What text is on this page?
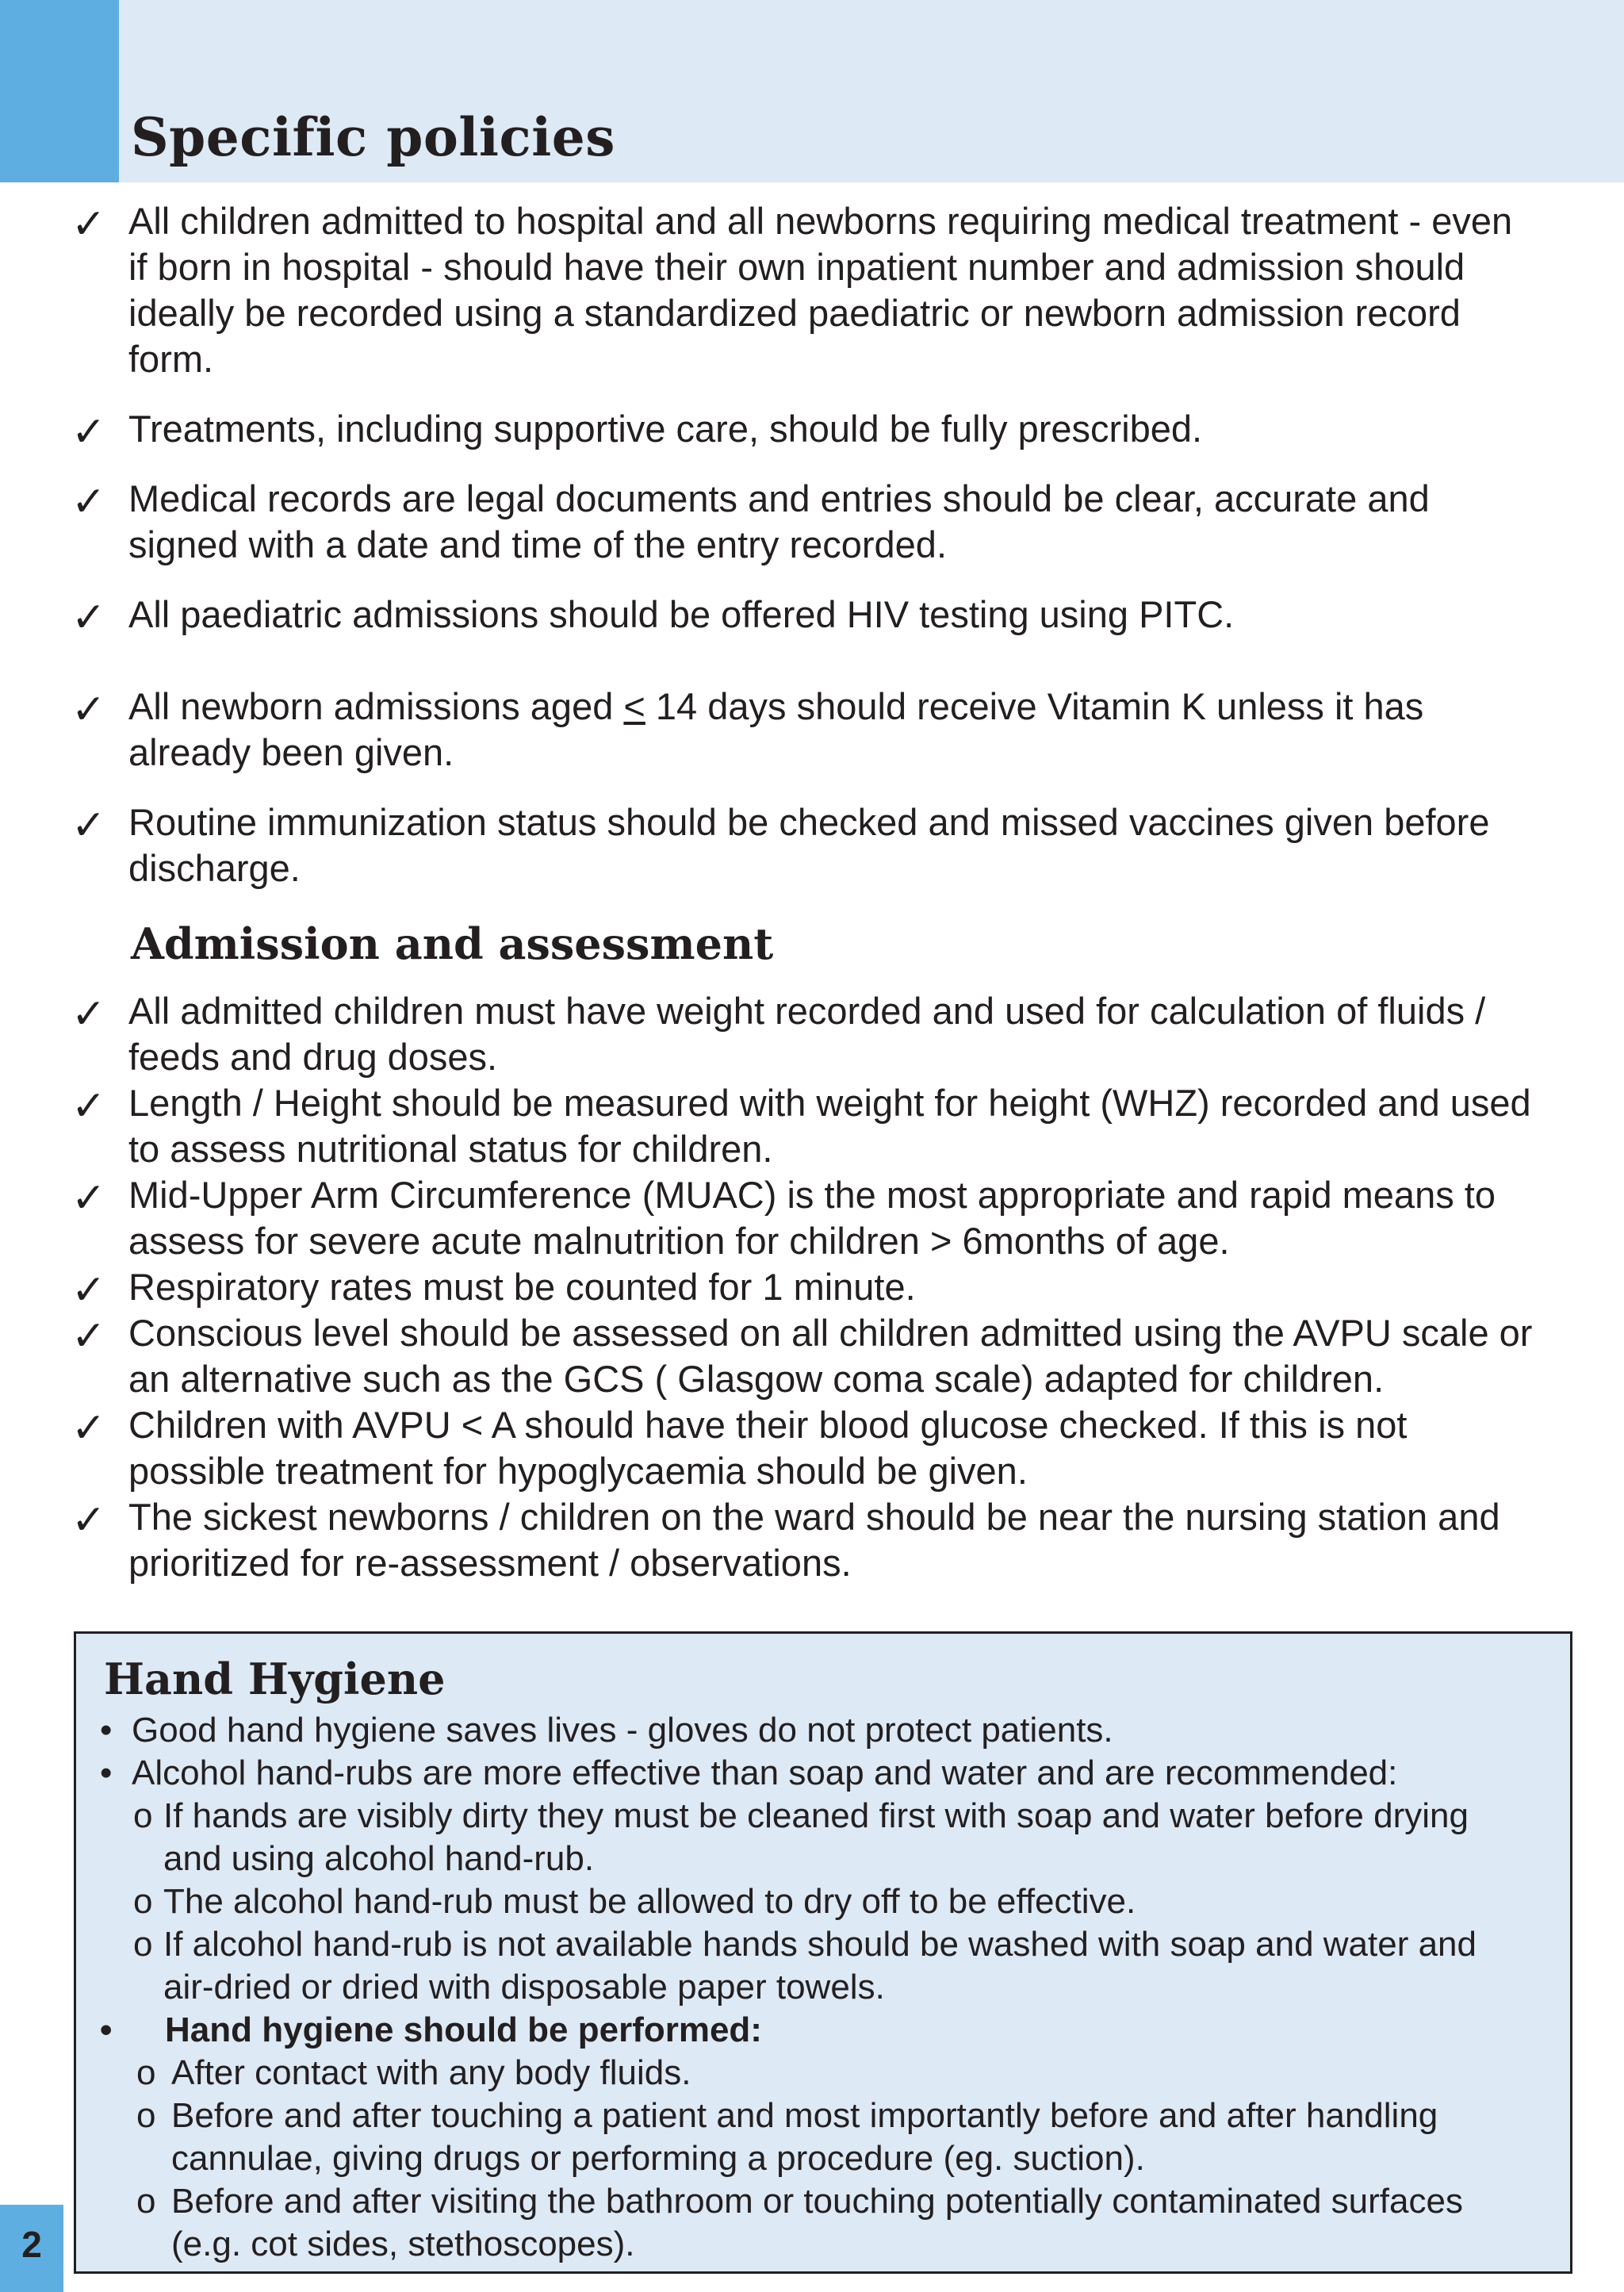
Specific policies
✓ All children admitted to hospital and all newborns requiring medical treatment - even if born in hospital - should have their own inpatient number and admission should ideally be recorded using a standardized paediatric or newborn admission record form.
✓ Treatments, including supportive care, should be fully prescribed.
✓ Medical records are legal documents and entries should be clear, accurate and signed with a date and time of the entry recorded.
✓ All paediatric admissions should be offered HIV testing using PITC.
✓ All newborn admissions aged ≤ 14 days should receive Vitamin K unless it has already been given.
✓ Routine immunization status should be checked and missed vaccines given before discharge.
Admission and assessment
✓ All admitted children must have weight recorded and used for calculation of fluids / feeds and drug doses.
✓ Length / Height should be measured with weight for height (WHZ) recorded and used to assess nutritional status for children.
✓ Mid-Upper Arm Circumference (MUAC) is the most appropriate and rapid means to assess for severe acute malnutrition for children > 6months of age.
✓ Respiratory rates must be counted for 1 minute.
✓ Conscious level should be assessed on all children admitted using the AVPU scale or an alternative such as the GCS ( Glasgow coma scale) adapted for children.
✓ Children with AVPU < A should have their blood glucose checked. If this is not possible treatment for hypoglycaemia should be given.
✓ The sickest newborns / children on the ward should be near the nursing station and prioritized for re-assessment / observations.
Hand Hygiene
• Good hand hygiene saves lives - gloves do not protect patients.
• Alcohol hand-rubs are more effective than soap and water and are recommended:
o If hands are visibly dirty they must be cleaned first with soap and water before drying and using alcohol hand-rub.
o The alcohol hand-rub must be allowed to dry off to be effective.
o If alcohol hand-rub is not available hands should be washed with soap and water and air-dried or dried with disposable paper towels.
• Hand hygiene should be performed:
o After contact with any body fluids.
o Before and after touching a patient and most importantly before and after handling cannulae, giving drugs or performing a procedure (eg. suction).
o Before and after visiting the bathroom or touching potentially contaminated surfaces (e.g. cot sides, stethoscopes).
2
